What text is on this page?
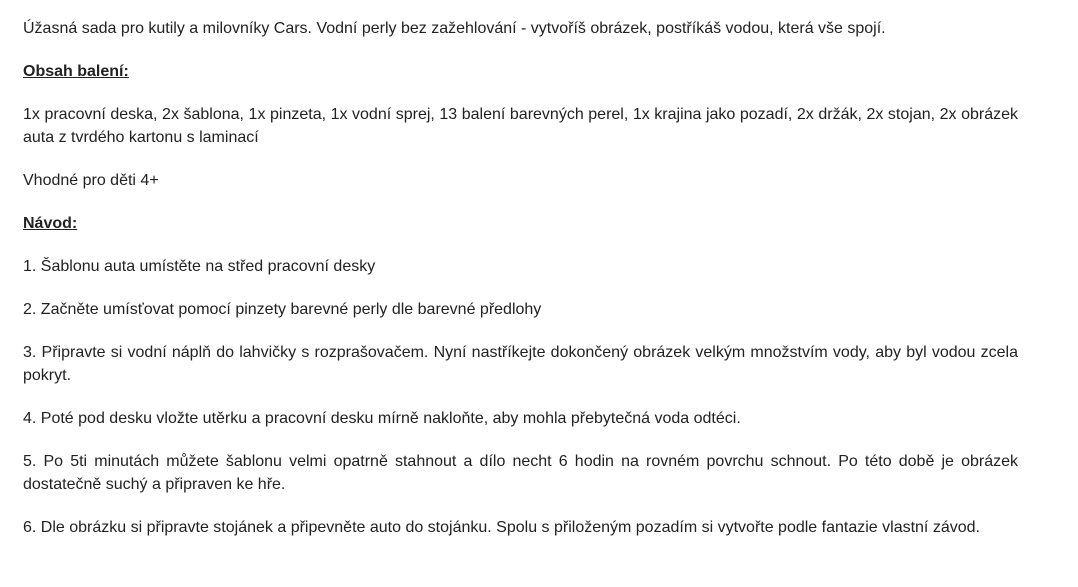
Úžasná sada pro kutily a milovníky Cars. Vodní perly bez zažehlování - vytvoříš obrázek, postříkáš vodou, která vše spojí.

Obsah balení:

1x pracovní deska, 2x šablona, 1x pinzeta, 1x vodní sprej, 13 balení barevných perel, 1x krajina jako pozadí, 2x držák, 2x stojan, 2x obrázek auta z tvrdého kartonu s laminací

Vhodné pro děti 4+

Návod:

1. Šablonu auta umístěte na střed pracovní desky

2. Začněte umísťovat pomocí pinzety barevné perly dle barevné předlohy

3. Připravte si vodní náplň do lahvičky s rozprašovačem. Nyní nastříkejte dokončený obrázek velkým množstvím vody, aby byl vodou zcela pokryt.

4. Poté pod desku vložte utěrku a pracovní desku mírně nakloňte, aby mohla přebytečná voda odtéci.

5. Po 5ti minutách můžete šablonu velmi opatrně stahnout a dílo necht 6 hodin na rovném povrchu schnout. Po této době je obrázek dostatečně suchý a připraven ke hře.

6. Dle obrázku si připravte stojánek a připevněte auto do stojánku. Spolu s přiloženým pozadím si vytvořte podle fantazie vlastní závod.
